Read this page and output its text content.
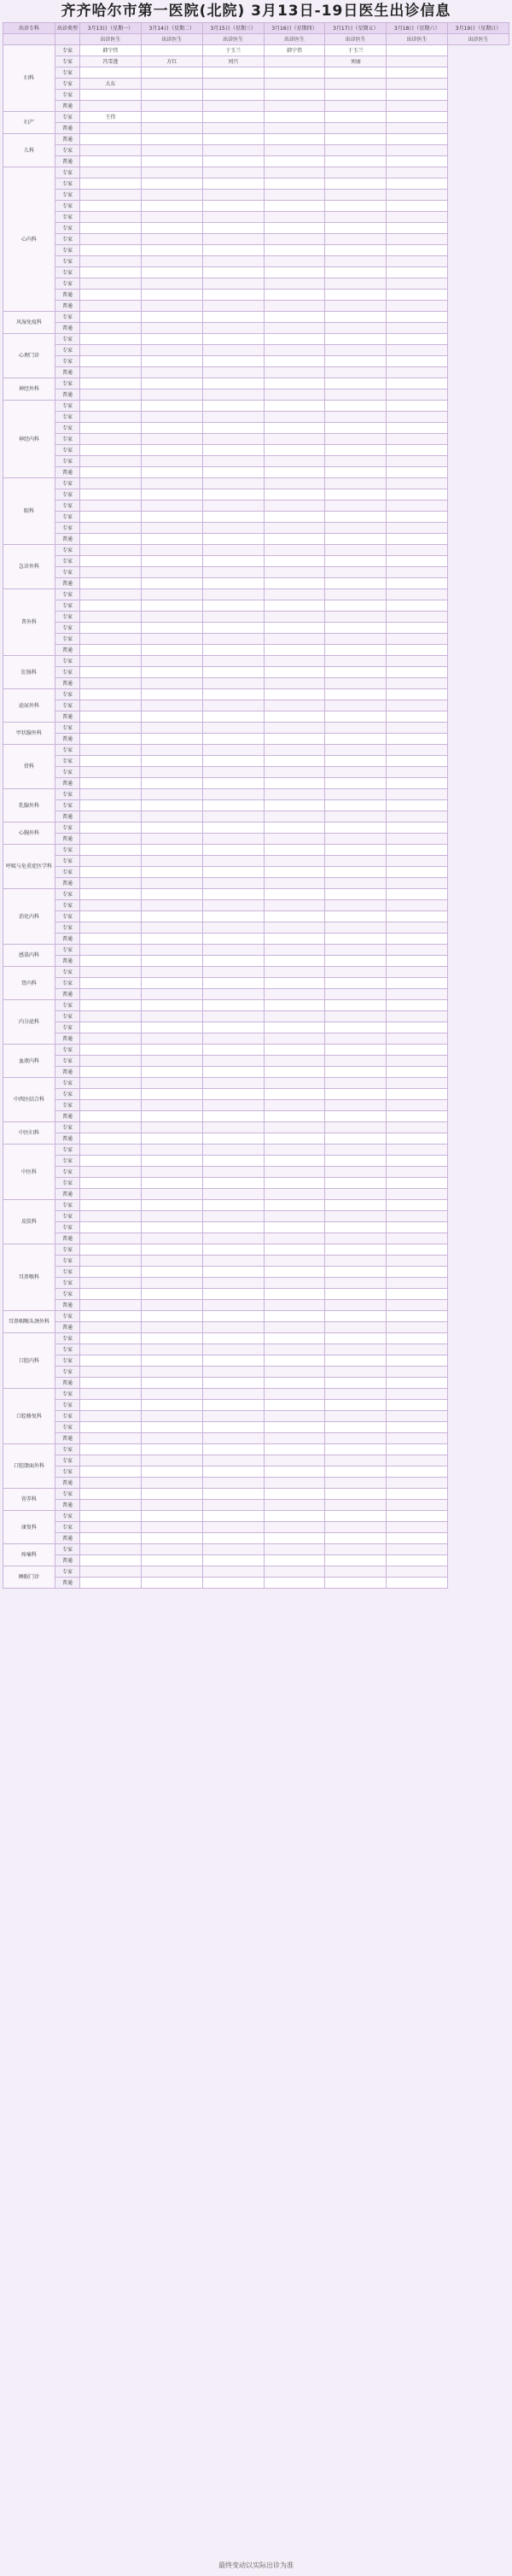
齐齐哈尔市第一医院(北院) 3月13日-19日医生出诊信息
出诊专科	出诊类型	3月13日（星期一）	3月14日（星期二）	3月15日（星期三）	3月16日（星期四）	3月17日（星期五）	3月18日（星期六）	3月19日（星期日）
		出诊医生	出诊医生	出诊医生	出诊医生	出诊医生	出诊医生	出诊医生
妇科	专家	韩宁伟		于玉兰	韩宁伟	于玉兰		
	专家	冯雪莲	方红	刘兴		刘丽		
	专家							
	专家	大东						
	专家							
	普通							
妇产	专家	王伟						
	普通							
儿科	普通							
	专家							
	普通							
心内科	专家							
	专家							
	专家							
	专家							
	专家							
	专家							
	专家							
	专家							
	专家							
	专家							
	专家							
	普通							
	普通							
风湿免疫科	专家							
	普通							
心理门诊	专家							
	专家							
	专家							
	普通							
神经外科	专家							
	普通							
神经内科	专家							
	专家							
	专家							
	专家							
	专家							
	专家							
	普通							
眼科	专家							
	专家							
	专家							
	专家							
	专家							
	普通							
急诊外科	专家							
	专家							
	专家							
	普通							
普外科	专家							
	专家							
	专家							
	专家							
	专家							
	普通							
肛肠科	专家							
	专家							
	普通							
泌尿外科	专家							
	专家							
	普通							
甲状腺外科	专家							
	普通							
骨科	专家							
	专家							
	专家							
	普通							
乳腺外科	专家							
	专家							
	普通							
心胸外科	专家							
	普通							
呼吸与危重症医学科	专家							
	专家							
	专家							
	普通							
消化内科	专家							
	专家							
	专家							
	专家							
	普通							
感染内科	专家							
	普通							
肾内科	专家							
	专家							
	普通							
内分泌科	专家							
	专家							
	专家							
	普通							
血液内科	专家							
	专家							
	普通							
中西医结合科	专家							
	专家							
	专家							
	普通							
中医妇科	专家							
	普通							
中医科	专家							
	专家							
	专家							
	专家							
	普通							
皮肤科	专家							
	专家							
	专家							
	普通							
耳鼻喉科	专家							
	专家							
	专家							
	专家							
	专家							
	普通							
耳鼻咽喉头颈外科	专家							
	普通							
口腔内科	专家							
	专家							
	专家							
	专家							
	普通							
口腔修复科	专家							
	专家							
	专家							
	专家							
	普通							
口腔颌面外科	专家							
	专家							
	专家							
	普通							
营养科	专家							
	普通							
康复科	专家							
	专家							
	普通							
疼痛科	专家							
	普通							
睡眠门诊	专家							
	普通							
最终变动以实际出诊为准
